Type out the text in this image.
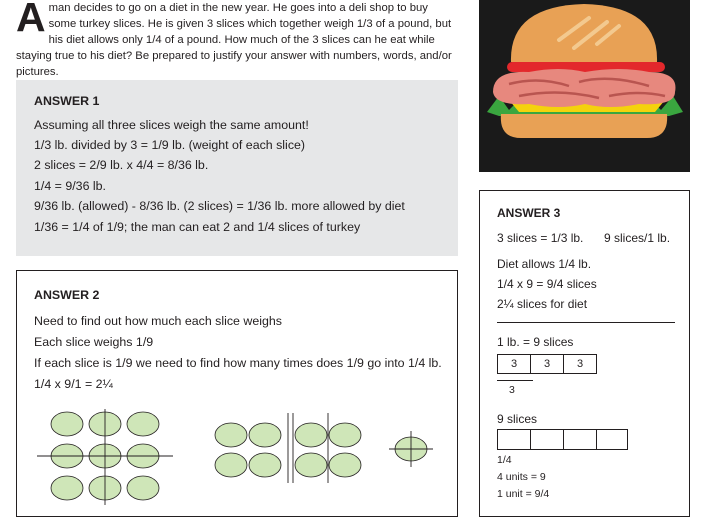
Aman decides to go on a diet in the new year. He goes into a deli shop to buy some turkey slices. He is given 3 slices which together weigh 1/3 of a pound, but his diet allows only 1/4 of a pound. How much of the 3 slices can he eat while staying true to his diet? Be prepared to justify your answer with numbers, words, and/or pictures.
ANSWER 1
Assuming all three slices weigh the same amount!
1/3 lb. divided by 3 = 1/9 lb. (weight of each slice)
2 slices = 2/9 lb. x 4/4 = 8/36 lb.
1/4 = 9/36 lb.
9/36 lb. (allowed) - 8/36 lb. (2 slices) = 1/36 lb. more allowed by diet
1/36 = 1/4 of 1/9; the man can eat 2 and 1/4 slices of turkey
ANSWER 2
Need to find out how much each slice weighs
Each slice weighs 1/9
If each slice is 1/9 we need to find how many times does 1/9 go into 1/4 lb.
1/4 x 9/1 = 2¼
ANSWER 3
3 slices = 1/3 lb. 9 slices/1 lb.
Diet allows 1/4 lb.
1/4 x 9 = 9/4 slices
2¼ slices for diet
1 lb. = 9 slices
3	3	3
3
9 slices
1/4
4 units = 9
1 unit = 9/4
